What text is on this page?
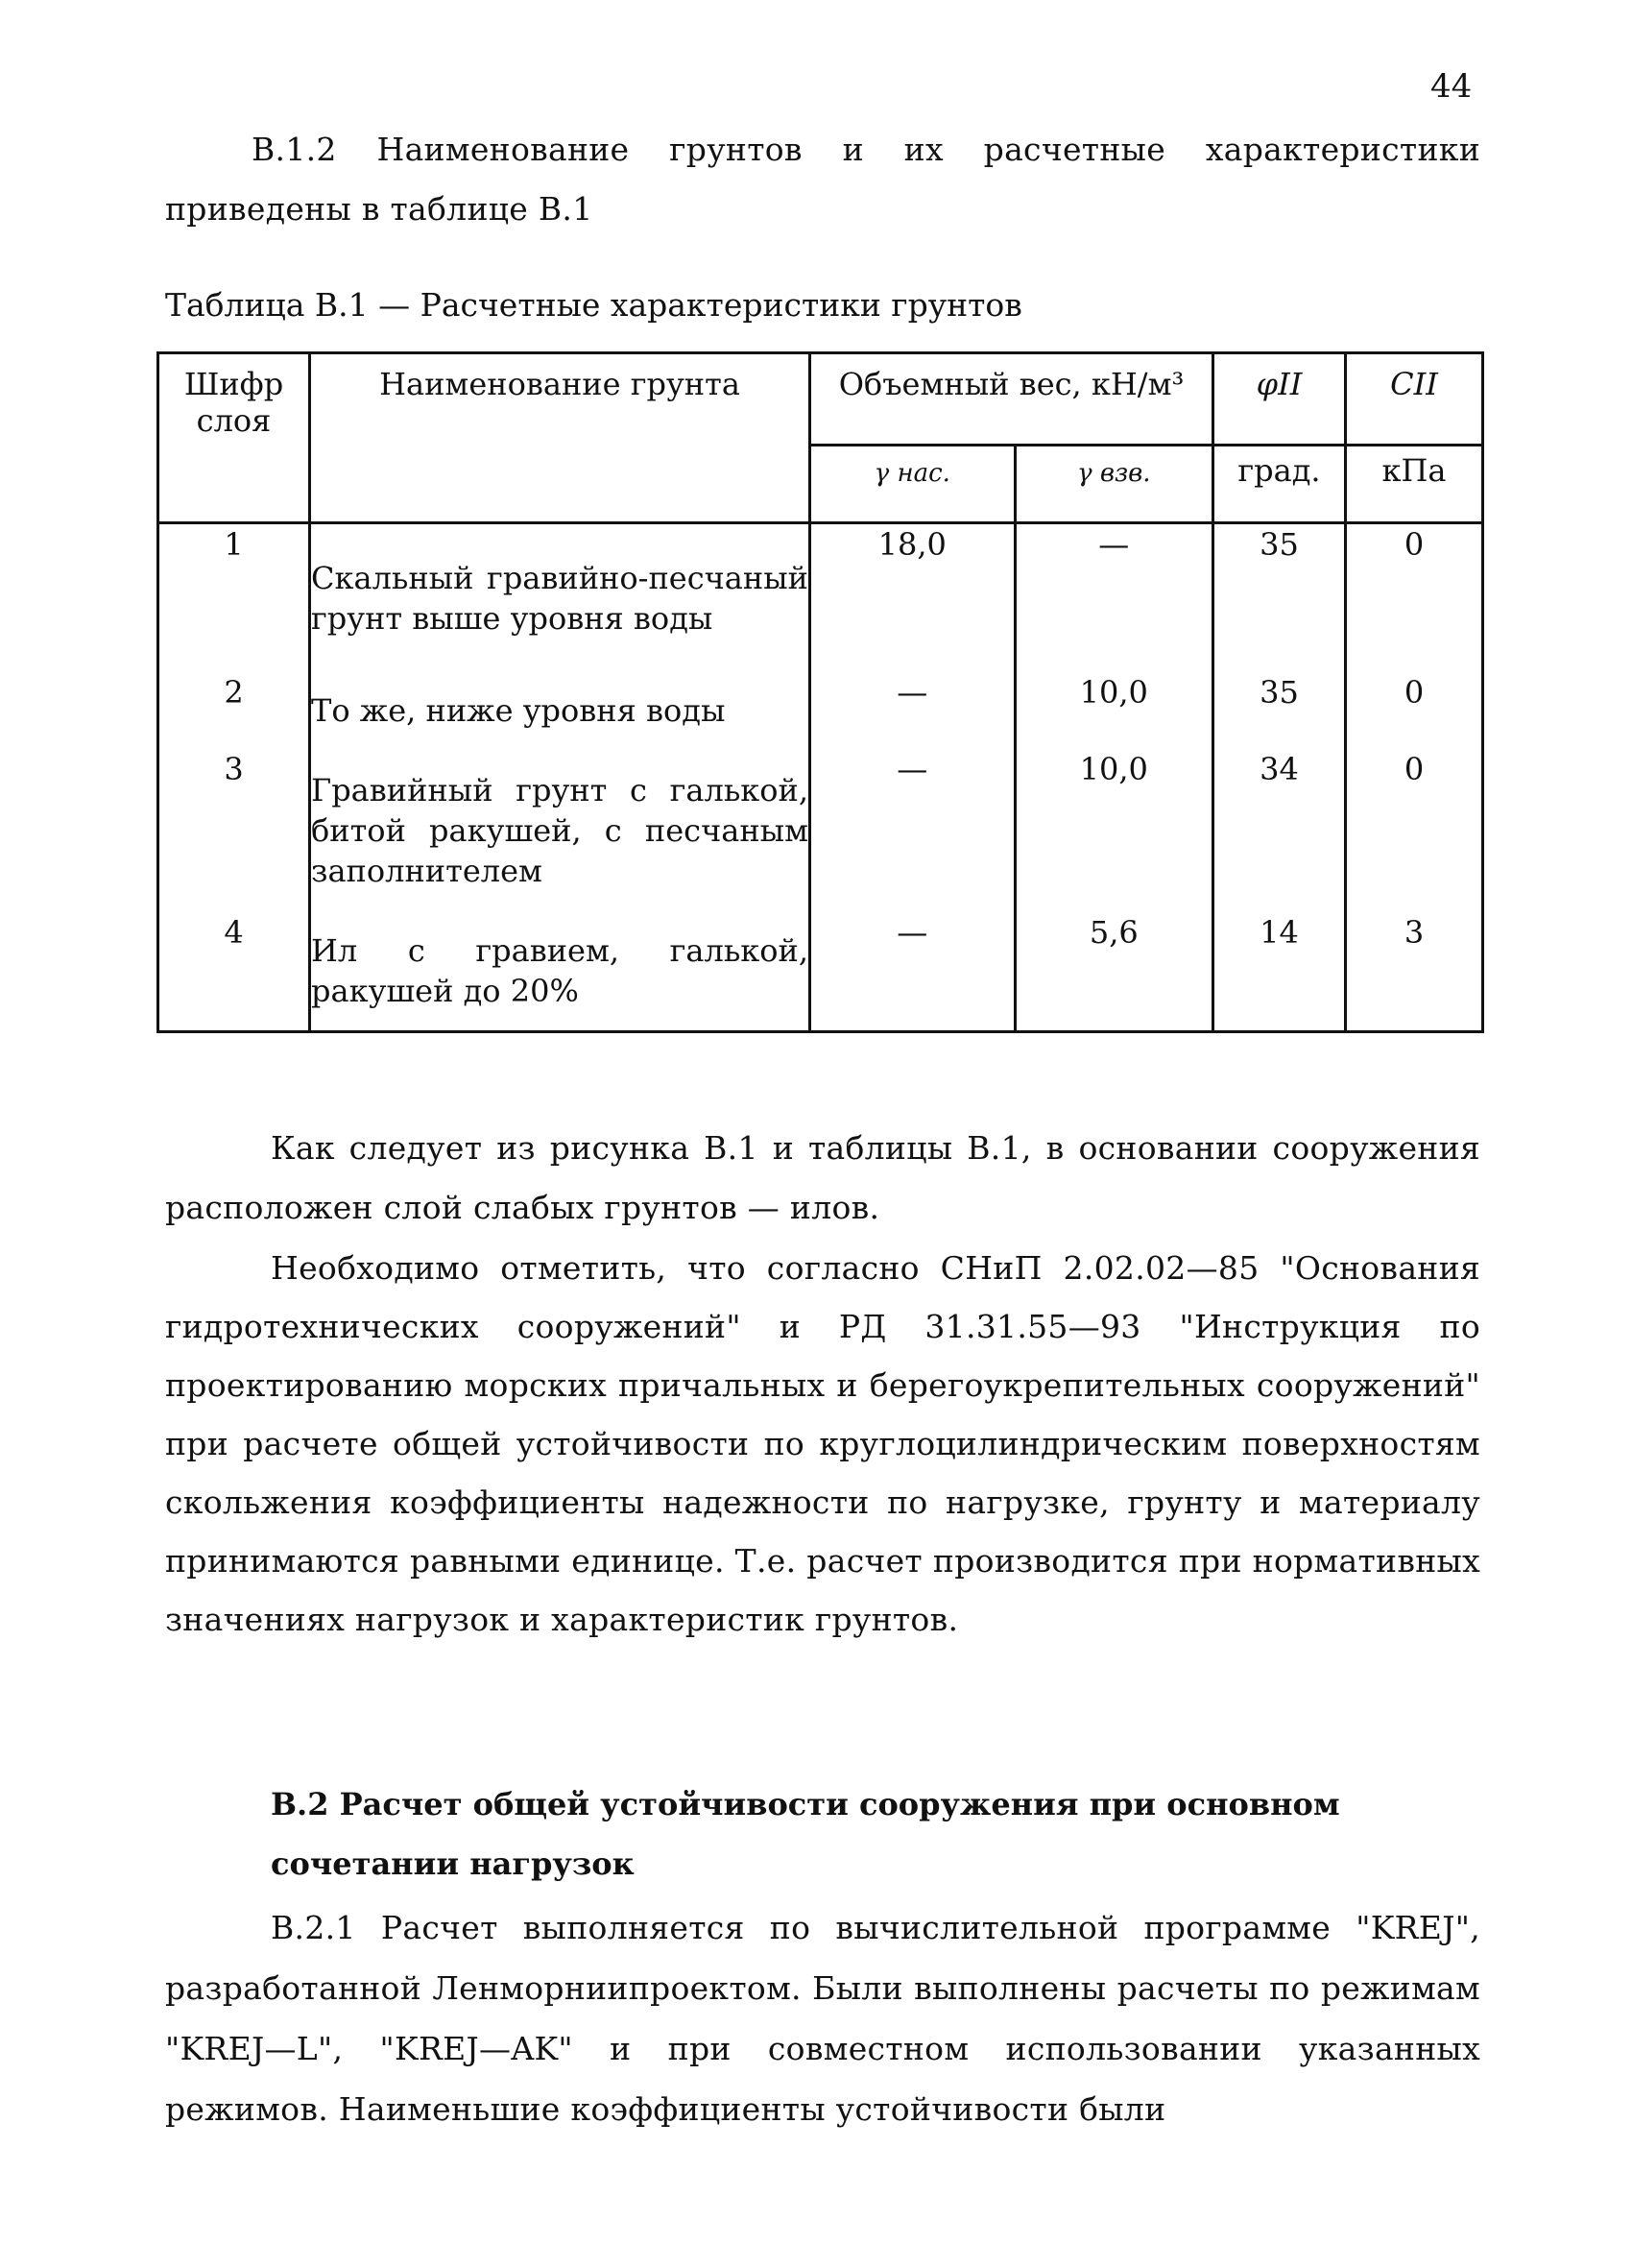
44
В.1.2 Наименование грунтов и их расчетные характеристики приведены в таблице В.1
Таблица В.1 — Расчетные характеристики грунтов
Шифр слоя	Наименование грунта	Объемный вес, кН/м³		φII	CII
		γ нас.	γ взв.	град.	кПа
1	Скальный гравийно-песчаный грунт выше уровня воды	18,0	—	35	0
2	То же, ниже уровня воды	—	10,0	35	0
3	Гравийный грунт с галькой, битой ракушей, с песчаным заполнителем	—	10,0	34	0
4	Ил с гравием, галькой, ракушей до 20%	—	5,6	14	3
Как следует из рисунка В.1 и таблицы В.1, в основании сооружения расположен слой слабых грунтов — илов.
Необходимо отметить, что согласно СНиП 2.02.02—85 "Основания гидротехнических сооружений" и РД 31.31.55—93 "Инструкция по проектированию морских причальных и берегоукрепительных сооружений" при расчете общей устойчивости по круглоцилиндрическим поверхностям скольжения коэффициенты надежности по нагрузке, грунту и материалу принимаются равными единице. Т.е. расчет производится при нормативных значениях нагрузок и характеристик грунтов.
В.2 Расчет общей устойчивости сооружения при основном сочетании нагрузок
В.2.1 Расчет выполняется по вычислительной программе "KREJ", разработанной Ленморниипроектом. Были выполнены расчеты по режимам "KREJ—L", "KREJ—AK" и при совместном использовании указанных режимов. Наименьшие коэффициенты устойчивости были
